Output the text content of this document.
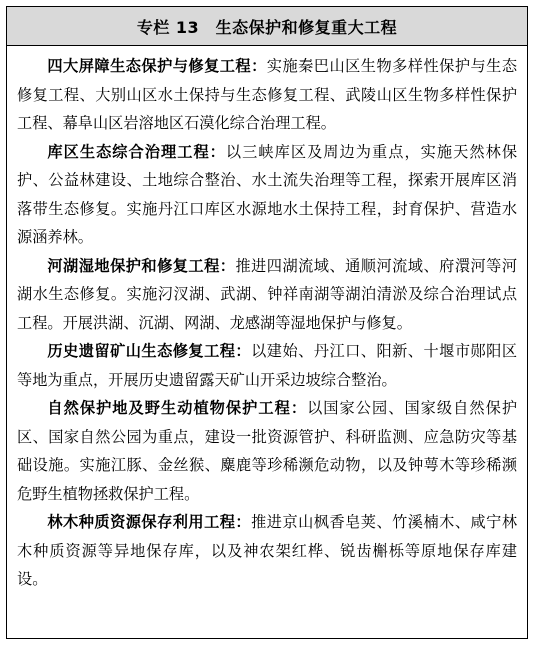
专栏 13　生态保护和修复重大工程

四大屏障生态保护与修复工程：实施秦巴山区生物多样性保护与生态修复工程、大别山区水土保持与生态修复工程、武陵山区生物多样性保护工程、幕阜山区岩溶地区石漠化综合治理工程。

库区生态综合治理工程：以三峡库区及周边为重点，实施天然林保护、公益林建设、土地综合整治、水土流失治理等工程，探索开展库区消落带生态修复。实施丹江口库区水源地水土保持工程，封育保护、营造水源涵养林。

河湖湿地保护和修复工程：推进四湖流域、通顺河流域、府澴河等河湖水生态修复。实施汈汊湖、武湖、钟祥南湖等湖泊清淤及综合治理试点工程。开展洪湖、沉湖、网湖、龙感湖等湿地保护与修复。

历史遗留矿山生态修复工程：以建始、丹江口、阳新、十堰市郧阳区等地为重点，开展历史遗留露天矿山开采边坡综合整治。

自然保护地及野生动植物保护工程：以国家公园、国家级自然保护区、国家自然公园为重点，建设一批资源管护、科研监测、应急防灾等基础设施。实施江豚、金丝猴、麋鹿等珍稀濒危动物，以及钟萼木等珍稀濒危野生植物拯救保护工程。

林木种质资源保存利用工程：推进京山枫香皂荚、竹溪楠木、咸宁林木种质资源等异地保存库，以及神农架红桦、锐齿槲栎等原地保存库建设。
